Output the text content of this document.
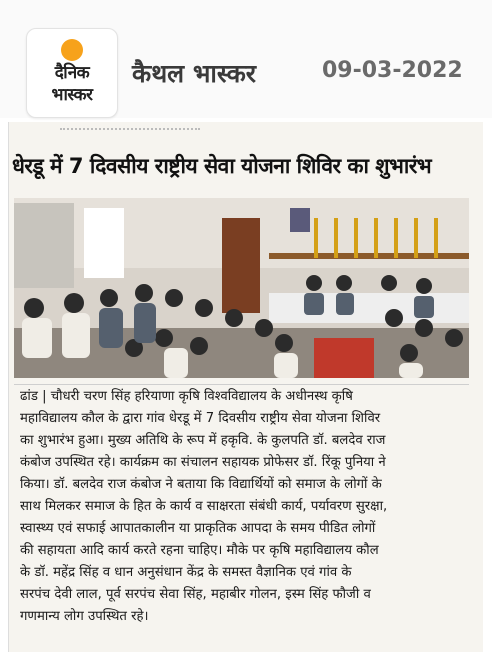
दैनिक
भास्कर
कैथल भास्कर	09-03-2022
धेरडू में 7 दिवसीय राष्ट्रीय सेवा योजना शिविर का शुभारंभ
ढांड | चौधरी चरण सिंह हरियाणा कृषि विश्वविद्यालय के अधीनस्थ कृषि
महाविद्यालय कौल के द्वारा गांव धेरडू में 7 दिवसीय राष्ट्रीय सेवा योजना शिविर
का शुभारंभ हुआ। मुख्य अतिथि के रूप में हकृवि. के कुलपति डॉ. बलदेव राज
कंबोज उपस्थित रहे। कार्यक्रम का संचालन सहायक प्रोफेसर डॉ. रिंकू पुनिया ने
किया। डॉ. बलदेव राज कंबोज ने बताया कि विद्यार्थियों को समाज के लोगों के
साथ मिलकर समाज के हित के कार्य व साक्षरता संबंधी कार्य, पर्यावरण सुरक्षा,
स्वास्थ्य एवं सफाई आपातकालीन या प्राकृतिक आपदा के समय पीडित लोगों
की सहायता आदि कार्य करते रहना चाहिए। मौके पर कृषि महाविद्यालय कौल
के डॉ. महेंद्र सिंह व धान अनुसंधान केंद्र के समस्त वैज्ञानिक एवं गांव के
सरपंच देवी लाल, पूर्व सरपंच सेवा सिंह, महाबीर गोलन, इस्म सिंह फौजी व
गणमान्य लोग उपस्थित रहे।
